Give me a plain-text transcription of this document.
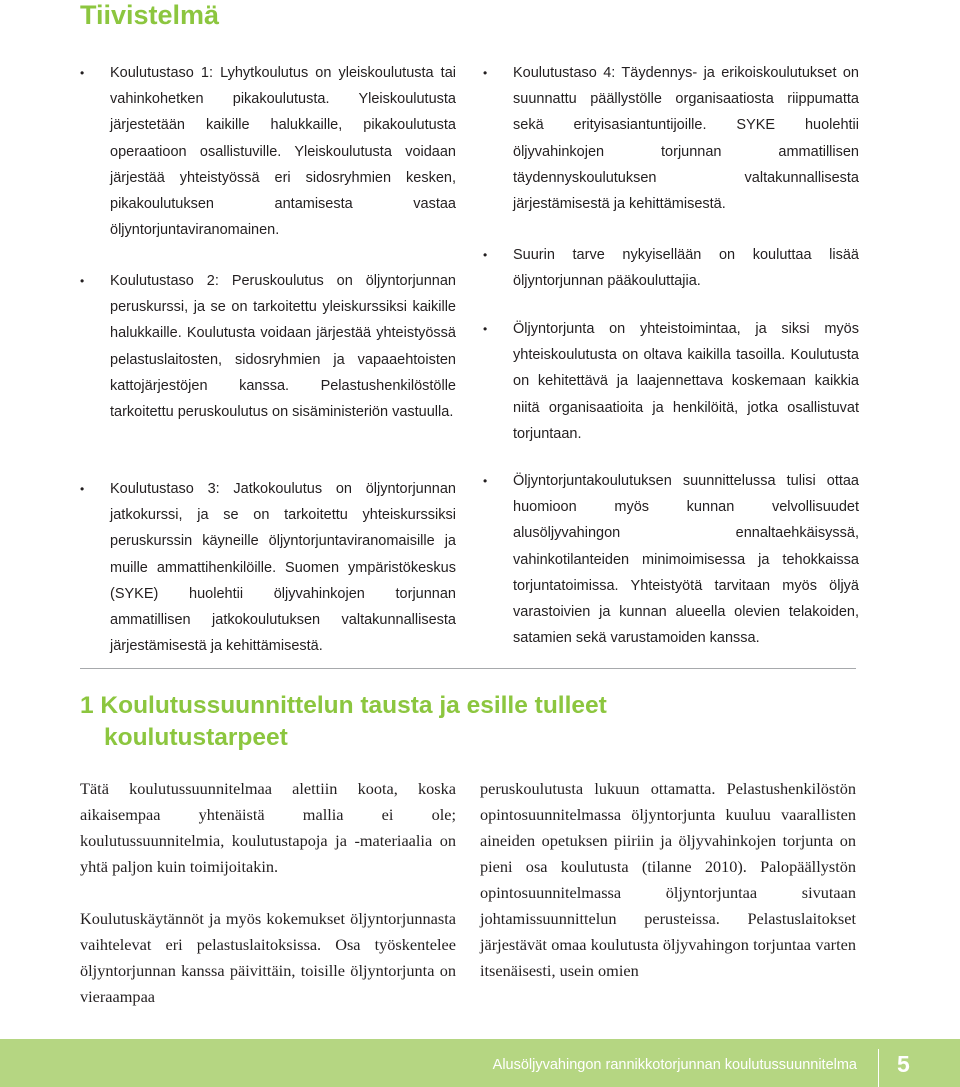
Tiivistelmä
• Koulutustaso 1: Lyhytkoulutus on yleiskoulutusta tai vahinkohetken pikakoulutusta. Yleiskoulutusta järjestetään kaikille halukkaille, pikakoulutusta operaatioon osallistuville. Yleiskoulutusta voidaan järjestää yhteistyössä eri sidosryhmien kesken, pikakoulutuksen antamisesta vastaa öljyntorjuntaviranomainen.
• Koulutustaso 2: Peruskoulutus on öljyntorjunnan peruskurssi, ja se on tarkoitettu yleiskurssiksi kaikille halukkaille. Koulutusta voidaan järjestää yhteistyössä pelastuslaitosten, sidosryhmien ja vapaaehtoisten kattojärjestöjen kanssa. Pelastushenkilöstölle tarkoitettu peruskoulutus on sisäministeriön vastuulla.
• Koulutustaso 3: Jatkokoulutus on öljyntorjunnan jatkokurssi, ja se on tarkoitettu yhteiskurssiksi peruskurssin käyneille öljyntorjuntaviranomaisille ja muille ammattihenkilöille. Suomen ympäristökeskus (SYKE) huolehtii öljyvahinkojen torjunnan ammatillisen jatkokoulutuksen valtakunnallisesta järjestämisestä ja kehittämisestä.
• Koulutustaso 4: Täydennys- ja erikoiskoulutukset on suunnattu päällystölle organisaatiosta riippumatta sekä erityisasiantuntijoille. SYKE huolehtii öljyvahinkojen torjunnan ammatillisen täydennyskoulutuksen valtakunnallisesta järjestämisestä ja kehittämisestä.
• Suurin tarve nykyisellään on kouluttaa lisää öljyntorjunnan pääkouluttajia.
• Öljyntorjunta on yhteistoimintaa, ja siksi myös yhteiskoulutusta on oltava kaikilla tasoilla. Koulutusta on kehitettävä ja laajennettava koskemaan kaikkia niitä organisaatioita ja henkilöitä, jotka osallistuvat torjuntaan.
• Öljyntorjuntakoulutuksen suunnittelussa tulisi ottaa huomioon myös kunnan velvollisuudet alusöljyvahingon ennaltaehkäisyssä, vahinkotilanteiden minimoimisessa ja tehokkaissa torjuntatoimissa. Yhteistyötä tarvitaan myös öljyä varastoivien ja kunnan alueella olevien telakoiden, satamien sekä varustamoiden kanssa.
1 Koulutussuunnittelun tausta ja esille tulleet
koulutustarpeet

Tätä koulutussuunnitelmaa alettiin koota, koska aikaisempaa yhtenäistä mallia ei ole; koulutussuunnitelmia, koulutustapoja ja -materiaalia on yhtä paljon kuin toimijoitakin.

Koulutuskäytännöt ja myös kokemukset öljyntorjunnasta vaihtelevat eri pelastuslaitoksissa. Osa työskentelee öljyntorjunnan kanssa päivittäin, toisille öljyntorjunta on vieraampaa

peruskoulutusta lukuun ottamatta. Pelastushenkilöstön opintosuunnitelmassa öljyntorjunta kuuluu vaarallisten aineiden opetuksen piiriin ja öljyvahinkojen torjunta on pieni osa koulutusta (tilanne 2010). Palopäällystön opintosuunnitelmassa öljyntorjuntaa sivutaan johtamissuunnittelun perusteissa. Pelastuslaitokset järjestävät omaa koulutusta öljyvahingon torjuntaa varten itsenäisesti, usein omien

Alusöljyvahingon rannikkotorjunnan koulutussuunnitelma 5
